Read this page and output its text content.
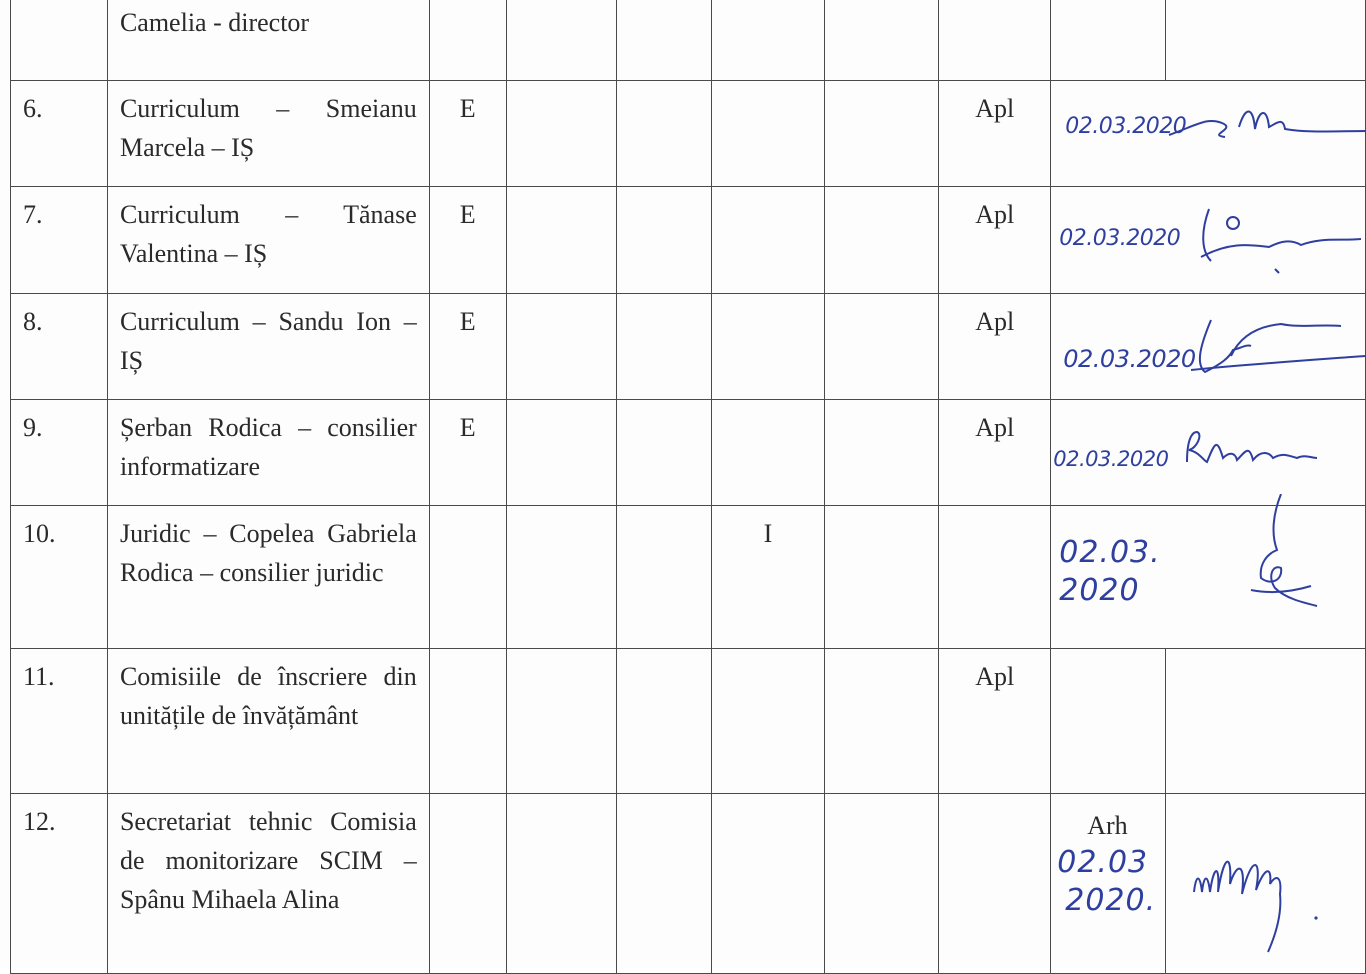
	Camelia - director								
6.	Curriculum – Smeianu Marcela – IȘ	E					Apl	02.03.2020	

7.	Curriculum – Tănase Valentina – IȘ	E					Apl	02.03.2020	

8.	Curriculum – Sandu Ion – IȘ	E					Apl	02.03.2020	

9.	Șerban Rodica – consilier informatizare	E					Apl	02.03.2020	

10.	Juridic – Copelea Gabriela Rodica – consilier juridic				I			02.03.
2020	

11.	Comisiile de înscriere din unitățile de învățământ						Apl		
12.	Secretariat tehnic Comisia de monitorizare SCIM – Spânu Mihaela Alina							Arh
02.03
2020.
